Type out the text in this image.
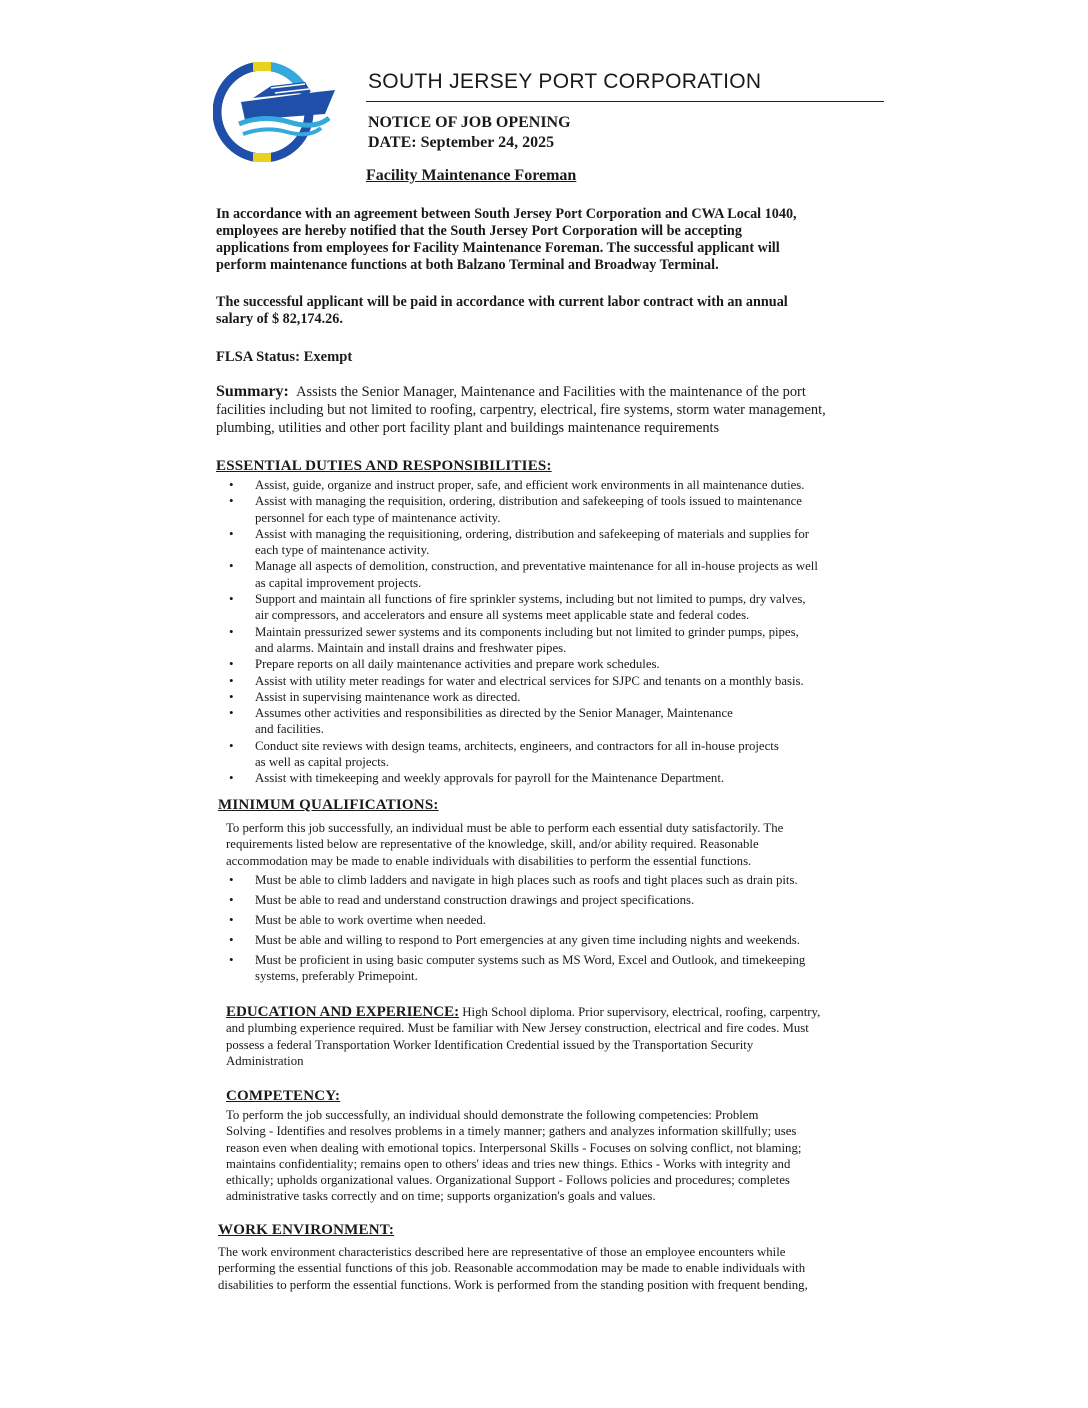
SOUTH JERSEY PORT CORPORATION
NOTICE OF JOB OPENING
DATE: September 24, 2025
Facility Maintenance Foreman
In accordance with an agreement between South Jersey Port Corporation and CWA Local 1040,
employees are hereby notified that the South Jersey Port Corporation will be accepting
applications from employees for Facility Maintenance Foreman. The successful applicant will
perform maintenance functions at both Balzano Terminal and Broadway Terminal.
The successful applicant will be paid in accordance with current labor contract with an annual
salary of $ 82,174.26.
FLSA Status: Exempt
Summary: Assists the Senior Manager, Maintenance and Facilities with the maintenance of the port
facilities including but not limited to roofing, carpentry, electrical, fire systems, storm water management,
plumbing, utilities and other port facility plant and buildings maintenance requirements
ESSENTIAL DUTIES AND RESPONSIBILITIES:
• Assist, guide, organize and instruct proper, safe, and efficient work environments in all maintenance duties.
• Assist with managing the requisition, ordering, distribution and safekeeping of tools issued to maintenance
personnel for each type of maintenance activity.
• Assist with managing the requisitioning, ordering, distribution and safekeeping of materials and supplies for
each type of maintenance activity.
• Manage all aspects of demolition, construction, and preventative maintenance for all in-house projects as well
as capital improvement projects.
• Support and maintain all functions of fire sprinkler systems, including but not limited to pumps, dry valves,
air compressors, and accelerators and ensure all systems meet applicable state and federal codes.
• Maintain pressurized sewer systems and its components including but not limited to grinder pumps, pipes,
and alarms. Maintain and install drains and freshwater pipes.
• Prepare reports on all daily maintenance activities and prepare work schedules.
• Assist with utility meter readings for water and electrical services for SJPC and tenants on a monthly basis.
• Assist in supervising maintenance work as directed.
• Assumes other activities and responsibilities as directed by the Senior Manager, Maintenance
and facilities.
• Conduct site reviews with design teams, architects, engineers, and contractors for all in-house projects
as well as capital projects.
• Assist with timekeeping and weekly approvals for payroll for the Maintenance Department.
MINIMUM QUALIFICATIONS:
To perform this job successfully, an individual must be able to perform each essential duty satisfactorily. The
requirements listed below are representative of the knowledge, skill, and/or ability required. Reasonable
accommodation may be made to enable individuals with disabilities to perform the essential functions.
• Must be able to climb ladders and navigate in high places such as roofs and tight places such as drain pits.
• Must be able to read and understand construction drawings and project specifications.
• Must be able to work overtime when needed.
• Must be able and willing to respond to Port emergencies at any given time including nights and weekends.
• Must be proficient in using basic computer systems such as MS Word, Excel and Outlook, and timekeeping
systems, preferably Primepoint.
EDUCATION AND EXPERIENCE: High School diploma. Prior supervisory, electrical, roofing, carpentry,
and plumbing experience required. Must be familiar with New Jersey construction, electrical and fire codes. Must
possess a federal Transportation Worker Identification Credential issued by the Transportation Security
Administration
COMPETENCY:
To perform the job successfully, an individual should demonstrate the following competencies: Problem
Solving - Identifies and resolves problems in a timely manner; gathers and analyzes information skillfully; uses
reason even when dealing with emotional topics. Interpersonal Skills - Focuses on solving conflict, not blaming;
maintains confidentiality; remains open to others' ideas and tries new things. Ethics - Works with integrity and
ethically; upholds organizational values. Organizational Support - Follows policies and procedures; completes
administrative tasks correctly and on time; supports organization's goals and values.
WORK ENVIRONMENT:
The work environment characteristics described here are representative of those an employee encounters while
performing the essential functions of this job. Reasonable accommodation may be made to enable individuals with
disabilities to perform the essential functions. Work is performed from the standing position with frequent bending,
